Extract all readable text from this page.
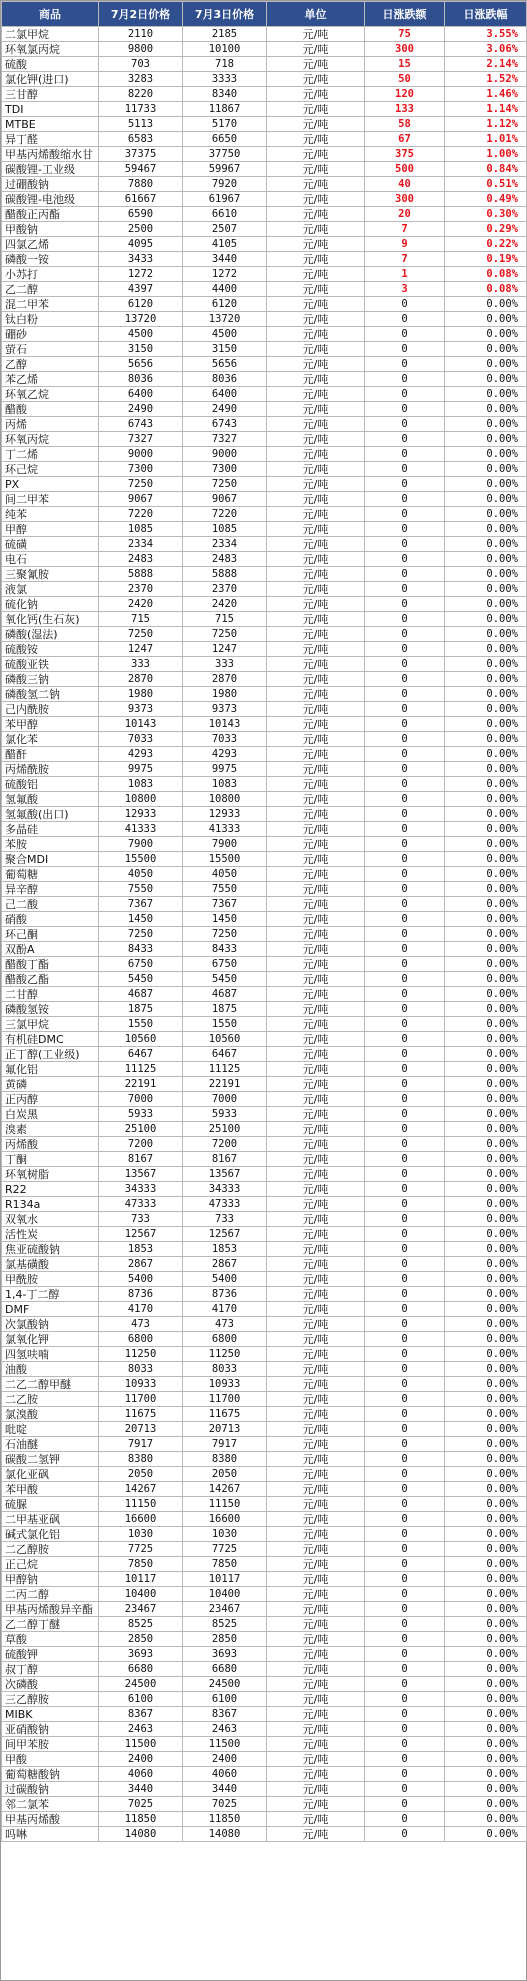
商品	7月2日价格	7月3日价格	单位	日涨跌额	日涨跌幅
二氯甲烷	2110	2185	元/吨	75	3.55%
环氧氯丙烷	9800	10100	元/吨	300	3.06%
硫酸	703	718	元/吨	15	2.14%
氯化钾(进口)	3283	3333	元/吨	50	1.52%
三甘醇	8220	8340	元/吨	120	1.46%
TDI	11733	11867	元/吨	133	1.14%
MTBE	5113	5170	元/吨	58	1.12%
异丁醛	6583	6650	元/吨	67	1.01%
甲基丙烯酸缩水甘	37375	37750	元/吨	375	1.00%
碳酸锂-工业级	59467	59967	元/吨	500	0.84%
过硼酸钠	7880	7920	元/吨	40	0.51%
碳酸锂-电池级	61667	61967	元/吨	300	0.49%
醋酸正丙酯	6590	6610	元/吨	20	0.30%
甲酸钠	2500	2507	元/吨	7	0.29%
四氯乙烯	4095	4105	元/吨	9	0.22%
磷酸一铵	3433	3440	元/吨	7	0.19%
小苏打	1272	1272	元/吨	1	0.08%
乙二醇	4397	4400	元/吨	3	0.08%
混二甲苯	6120	6120	元/吨	0	0.00%
钛白粉	13720	13720	元/吨	0	0.00%
硼砂	4500	4500	元/吨	0	0.00%
萤石	3150	3150	元/吨	0	0.00%
乙醇	5656	5656	元/吨	0	0.00%
苯乙烯	8036	8036	元/吨	0	0.00%
环氧乙烷	6400	6400	元/吨	0	0.00%
醋酸	2490	2490	元/吨	0	0.00%
丙烯	6743	6743	元/吨	0	0.00%
环氧丙烷	7327	7327	元/吨	0	0.00%
丁二烯	9000	9000	元/吨	0	0.00%
环己烷	7300	7300	元/吨	0	0.00%
PX	7250	7250	元/吨	0	0.00%
间二甲苯	9067	9067	元/吨	0	0.00%
纯苯	7220	7220	元/吨	0	0.00%
甲醇	1085	1085	元/吨	0	0.00%
硫磺	2334	2334	元/吨	0	0.00%
电石	2483	2483	元/吨	0	0.00%
三聚氰胺	5888	5888	元/吨	0	0.00%
液氯	2370	2370	元/吨	0	0.00%
硫化钠	2420	2420	元/吨	0	0.00%
氧化钙(生石灰)	715	715	元/吨	0	0.00%
磷酸(湿法)	7250	7250	元/吨	0	0.00%
硫酸铵	1247	1247	元/吨	0	0.00%
硫酸亚铁	333	333	元/吨	0	0.00%
磷酸三钠	2870	2870	元/吨	0	0.00%
磷酸氢二钠	1980	1980	元/吨	0	0.00%
己内酰胺	9373	9373	元/吨	0	0.00%
苯甲醇	10143	10143	元/吨	0	0.00%
氯化苯	7033	7033	元/吨	0	0.00%
醋酐	4293	4293	元/吨	0	0.00%
丙烯酰胺	9975	9975	元/吨	0	0.00%
硫酸铝	1083	1083	元/吨	0	0.00%
氢氟酸	10800	10800	元/吨	0	0.00%
氢氟酸(出口)	12933	12933	元/吨	0	0.00%
多晶硅	41333	41333	元/吨	0	0.00%
苯胺	7900	7900	元/吨	0	0.00%
聚合MDI	15500	15500	元/吨	0	0.00%
葡萄糖	4050	4050	元/吨	0	0.00%
异辛醇	7550	7550	元/吨	0	0.00%
己二酸	7367	7367	元/吨	0	0.00%
硝酸	1450	1450	元/吨	0	0.00%
环己酮	7250	7250	元/吨	0	0.00%
双酚A	8433	8433	元/吨	0	0.00%
醋酸丁酯	6750	6750	元/吨	0	0.00%
醋酸乙酯	5450	5450	元/吨	0	0.00%
二甘醇	4687	4687	元/吨	0	0.00%
磷酸氢铵	1875	1875	元/吨	0	0.00%
三氯甲烷	1550	1550	元/吨	0	0.00%
有机硅DMC	10560	10560	元/吨	0	0.00%
正丁醇(工业级)	6467	6467	元/吨	0	0.00%
氟化铝	11125	11125	元/吨	0	0.00%
黄磷	22191	22191	元/吨	0	0.00%
正丙醇	7000	7000	元/吨	0	0.00%
白炭黑	5933	5933	元/吨	0	0.00%
溴素	25100	25100	元/吨	0	0.00%
丙烯酸	7200	7200	元/吨	0	0.00%
丁酮	8167	8167	元/吨	0	0.00%
环氧树脂	13567	13567	元/吨	0	0.00%
R22	34333	34333	元/吨	0	0.00%
R134a	47333	47333	元/吨	0	0.00%
双氧水	733	733	元/吨	0	0.00%
活性炭	12567	12567	元/吨	0	0.00%
焦亚硫酸钠	1853	1853	元/吨	0	0.00%
氯基磺酸	2867	2867	元/吨	0	0.00%
甲酰胺	5400	5400	元/吨	0	0.00%
1,4-丁二醇	8736	8736	元/吨	0	0.00%
DMF	4170	4170	元/吨	0	0.00%
次氯酸钠	473	473	元/吨	0	0.00%
氯氧化钾	6800	6800	元/吨	0	0.00%
四氢呋喃	11250	11250	元/吨	0	0.00%
油酸	8033	8033	元/吨	0	0.00%
二乙二醇甲醚	10933	10933	元/吨	0	0.00%
二乙胺	11700	11700	元/吨	0	0.00%
氯溴酸	11675	11675	元/吨	0	0.00%
吡啶	20713	20713	元/吨	0	0.00%
石油醚	7917	7917	元/吨	0	0.00%
碳酸二氢钾	8380	8380	元/吨	0	0.00%
氯化亚砜	2050	2050	元/吨	0	0.00%
苯甲酸	14267	14267	元/吨	0	0.00%
硫脲	11150	11150	元/吨	0	0.00%
二甲基亚砜	16600	16600	元/吨	0	0.00%
碱式氯化铝	1030	1030	元/吨	0	0.00%
二乙醇胺	7725	7725	元/吨	0	0.00%
正己烷	7850	7850	元/吨	0	0.00%
甲醇钠	10117	10117	元/吨	0	0.00%
二丙二醇	10400	10400	元/吨	0	0.00%
甲基丙烯酸异辛酯	23467	23467	元/吨	0	0.00%
乙二醇丁醚	8525	8525	元/吨	0	0.00%
草酸	2850	2850	元/吨	0	0.00%
硫酸钾	3693	3693	元/吨	0	0.00%
叔丁醇	6680	6680	元/吨	0	0.00%
次磷酸	24500	24500	元/吨	0	0.00%
三乙醇胺	6100	6100	元/吨	0	0.00%
MIBK	8367	8367	元/吨	0	0.00%
亚硝酸钠	2463	2463	元/吨	0	0.00%
间甲苯胺	11500	11500	元/吨	0	0.00%
甲酸	2400	2400	元/吨	0	0.00%
葡萄糖酸钠	4060	4060	元/吨	0	0.00%
过碳酸钠	3440	3440	元/吨	0	0.00%
邻二氯苯	7025	7025	元/吨	0	0.00%
甲基丙烯酸	11850	11850	元/吨	0	0.00%
吗啉	14080	14080	元/吨	0	0.00%
